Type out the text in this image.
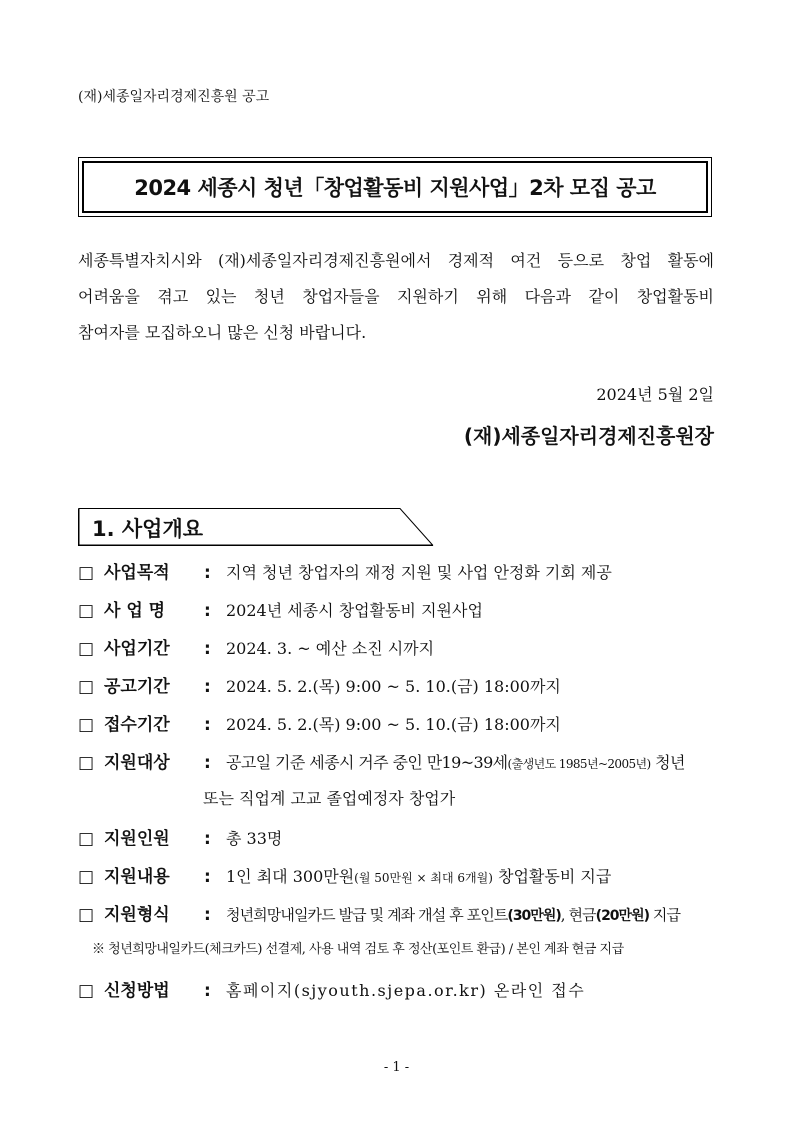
(재)세종일자리경제진흥원 공고
2024 세종시 청년「창업활동비 지원사업」2차 모집 공고
세종특별자치시와 (재)세종일자리경제진흥원에서 경제적 여건 등으로 창업 활동에
어려움을 겪고 있는 청년 창업자들을 지원하기 위해 다음과 같이 창업활동비
참여자를 모집하오니 많은 신청 바랍니다.
2024년 5월 2일
(재)세종일자리경제진흥원장
1. 사업개요
□ 사업목적	: 지역 청년 창업자의 재정 지원 및 사업 안정화 기회 제공
□ 사 업 명	: 2024년 세종시 창업활동비 지원사업
□ 사업기간	: 2024. 3. ~ 예산 소진 시까지
□ 공고기간	: 2024. 5. 2.(목) 9:00 ~ 5. 10.(금) 18:00까지
□ 접수기간	: 2024. 5. 2.(목) 9:00 ~ 5. 10.(금) 18:00까지
□ 지원대상	: 공고일 기준 세종시 거주 중인 만19~39세(출생년도 1985년~2005년) 청년
또는 직업계 고교 졸업예정자 창업가
□ 지원인원	: 총 33명
□ 지원내용	: 1인 최대 300만원(월 50만원 × 최대 6개월) 창업활동비 지급
□ 지원형식	:	청년희망내일카드 발급 및 계좌 개설 후 포인트(30만원), 현금(20만원) 지급
※ 청년희망내일카드(체크카드) 선결제, 사용 내역 검토 후 정산(포인트 환급) / 본인 계좌 현금 지급
□ 신청방법	: 홈페이지(sjyouth.sjepa.or.kr) 온라인 접수
- 1 -
